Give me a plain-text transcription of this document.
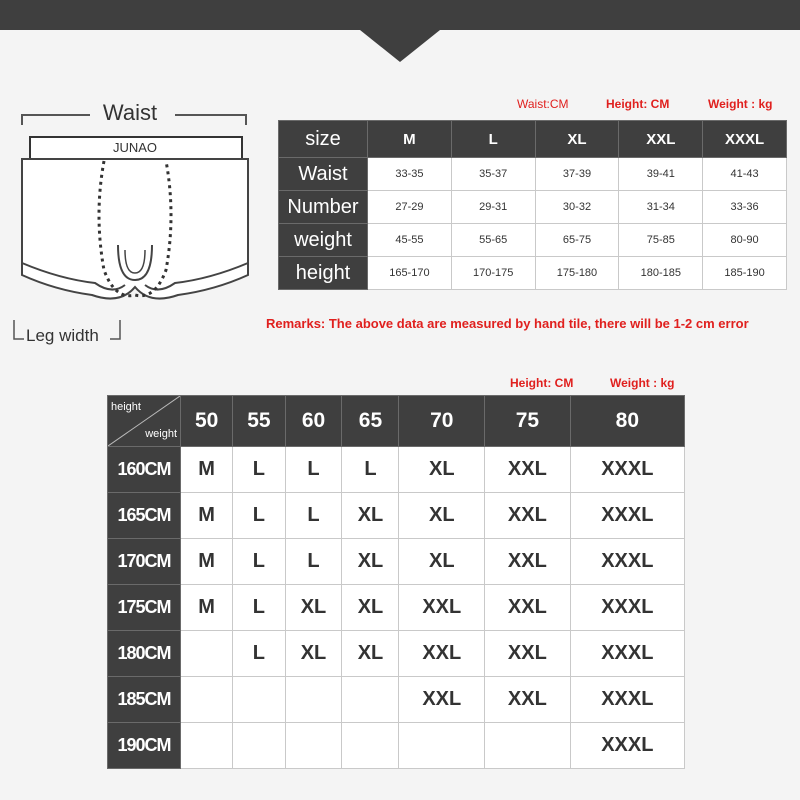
Waist
JUNAO
Leg width
Waist:CM	Height: CM	Weight : kg
size	M	L	XL	XXL	XXXL
Waist	33-35	35-37	37-39	39-41	41-43
Number	27-29	29-31	30-32	31-34	33-36
weight	45-55	55-65	65-75	75-85	80-90
height	165-170	170-175	175-180	180-185	185-190
Remarks: The above data are measured by hand tile, there will be 1-2 cm error
Height: CM	Weight : kg
height
weight	50	55	60	65	70	75	80
160CM	M	L	L	L	XL	XXL	XXXL
165CM	M	L	L	XL	XL	XXL	XXXL
170CM	M	L	L	XL	XL	XXL	XXXL
175CM	M	L	XL	XL	XXL	XXL	XXXL
180CM		L	XL	XL	XXL	XXL	XXXL
185CM					XXL	XXL	XXXL
190CM							XXXL
